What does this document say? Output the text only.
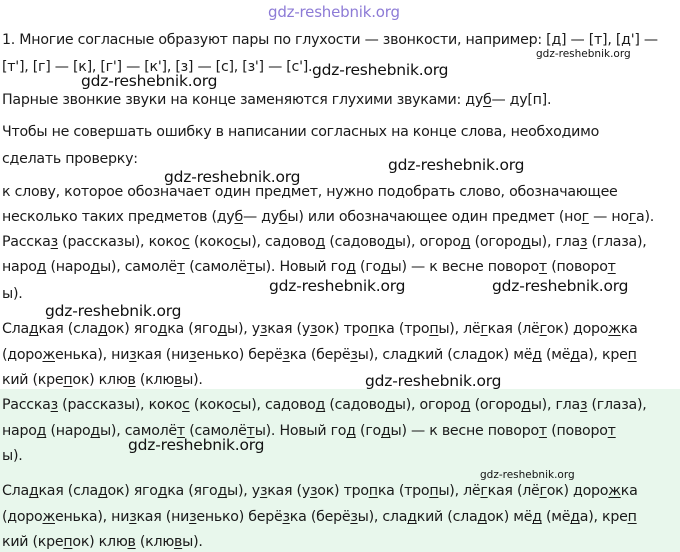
1. Многие согласные образуют пары по глухости — звонкости, например: [д] — [т], [д'] —
[т'], [г] — [к], [г'] — [к'], [з] — [с], [з'] — [с'].
Парные звонкие звуки на конце заменяются глухими звуками: дуб— ду[п].
Чтобы не совершать ошибку в написании согласных на конце слова, необходимо
сделать проверку:
к слову, которое обозначает один предмет, нужно подобрать слово, обозначающее
несколько таких предметов (дуб— дубы) или обозначающее один предмет (ног — нога).
Рассказ (рассказы), кокос (кокосы), садовод (садоводы), огород (огороды), глаз (глаза),
народ (народы), самолёт (самолёты). Новый год (годы) — к весне поворот (поворот
ы).
Сладкая (сладок) ягодка (ягоды), узкая (узок) тропка (тропы), лёгкая (лёгок) дорожка
(дороженька), низкая (низенько) берёзка (берёзы), сладкий (сладок) мёд (мёда), креп
кий (крепок) клюв (клювы).
Рассказ (рассказы), кокос (кокосы), садовод (садоводы), огород (огороды), глаз (глаза),
народ (народы), самолёт (самолёты). Новый год (годы) — к весне поворот (поворот
ы).
Сладкая (сладок) ягодка (ягоды), узкая (узок) тропка (тропы), лёгкая (лёгок) дорожка
(дороженька), низкая (низенько) берёзка (берёзы), сладкий (сладок) мёд (мёда), креп
кий (крепок) клюв (клювы).
gdz-reshebnik.org
gdz-reshebnik.org
gdz-reshebnik.org
gdz-reshebnik.org
gdz-reshebnik.org
gdz-reshebnik.org
gdz-reshebnik.org	gdz-reshebnik.org
gdz-reshebnik.org
gdz-reshebnik.org
gdz-reshebnik.org
gdz-reshebnik.org
